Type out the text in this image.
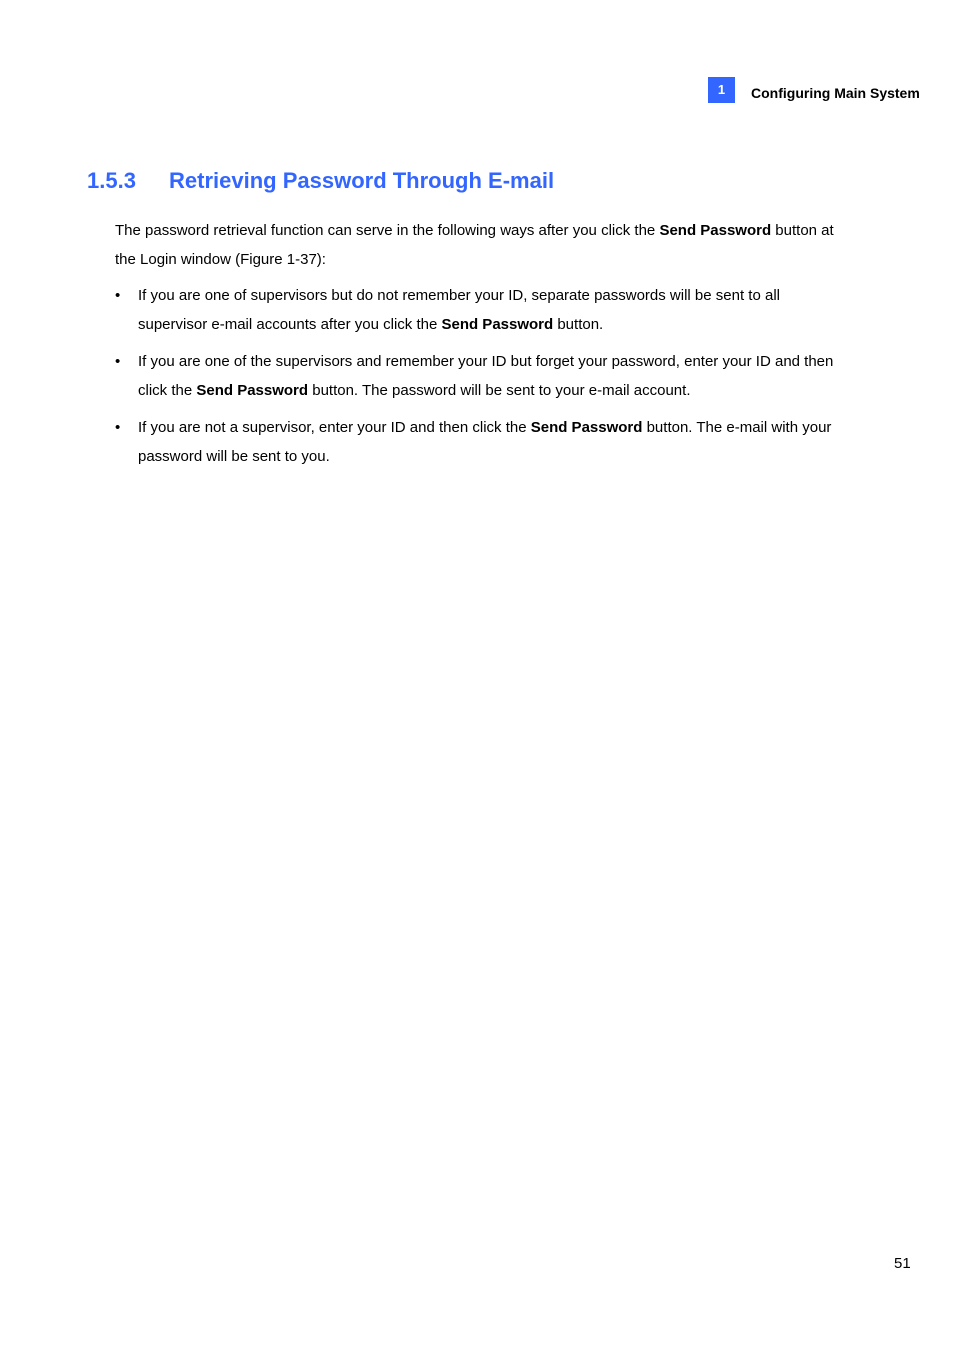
1	Configuring Main System
1.5.3 Retrieving Password Through E-mail

The password retrieval function can serve in the following ways after you click the Send Password button at the Login window (Figure 1-37):

• If you are one of supervisors but do not remember your ID, separate passwords will be sent to all supervisor e-mail accounts after you click the Send Password button.
• If you are one of the supervisors and remember your ID but forget your password, enter your ID and then click the Send Password button. The password will be sent to your e-mail account.
• If you are not a supervisor, enter your ID and then click the Send Password button. The e-mail with your password will be sent to you.
51
